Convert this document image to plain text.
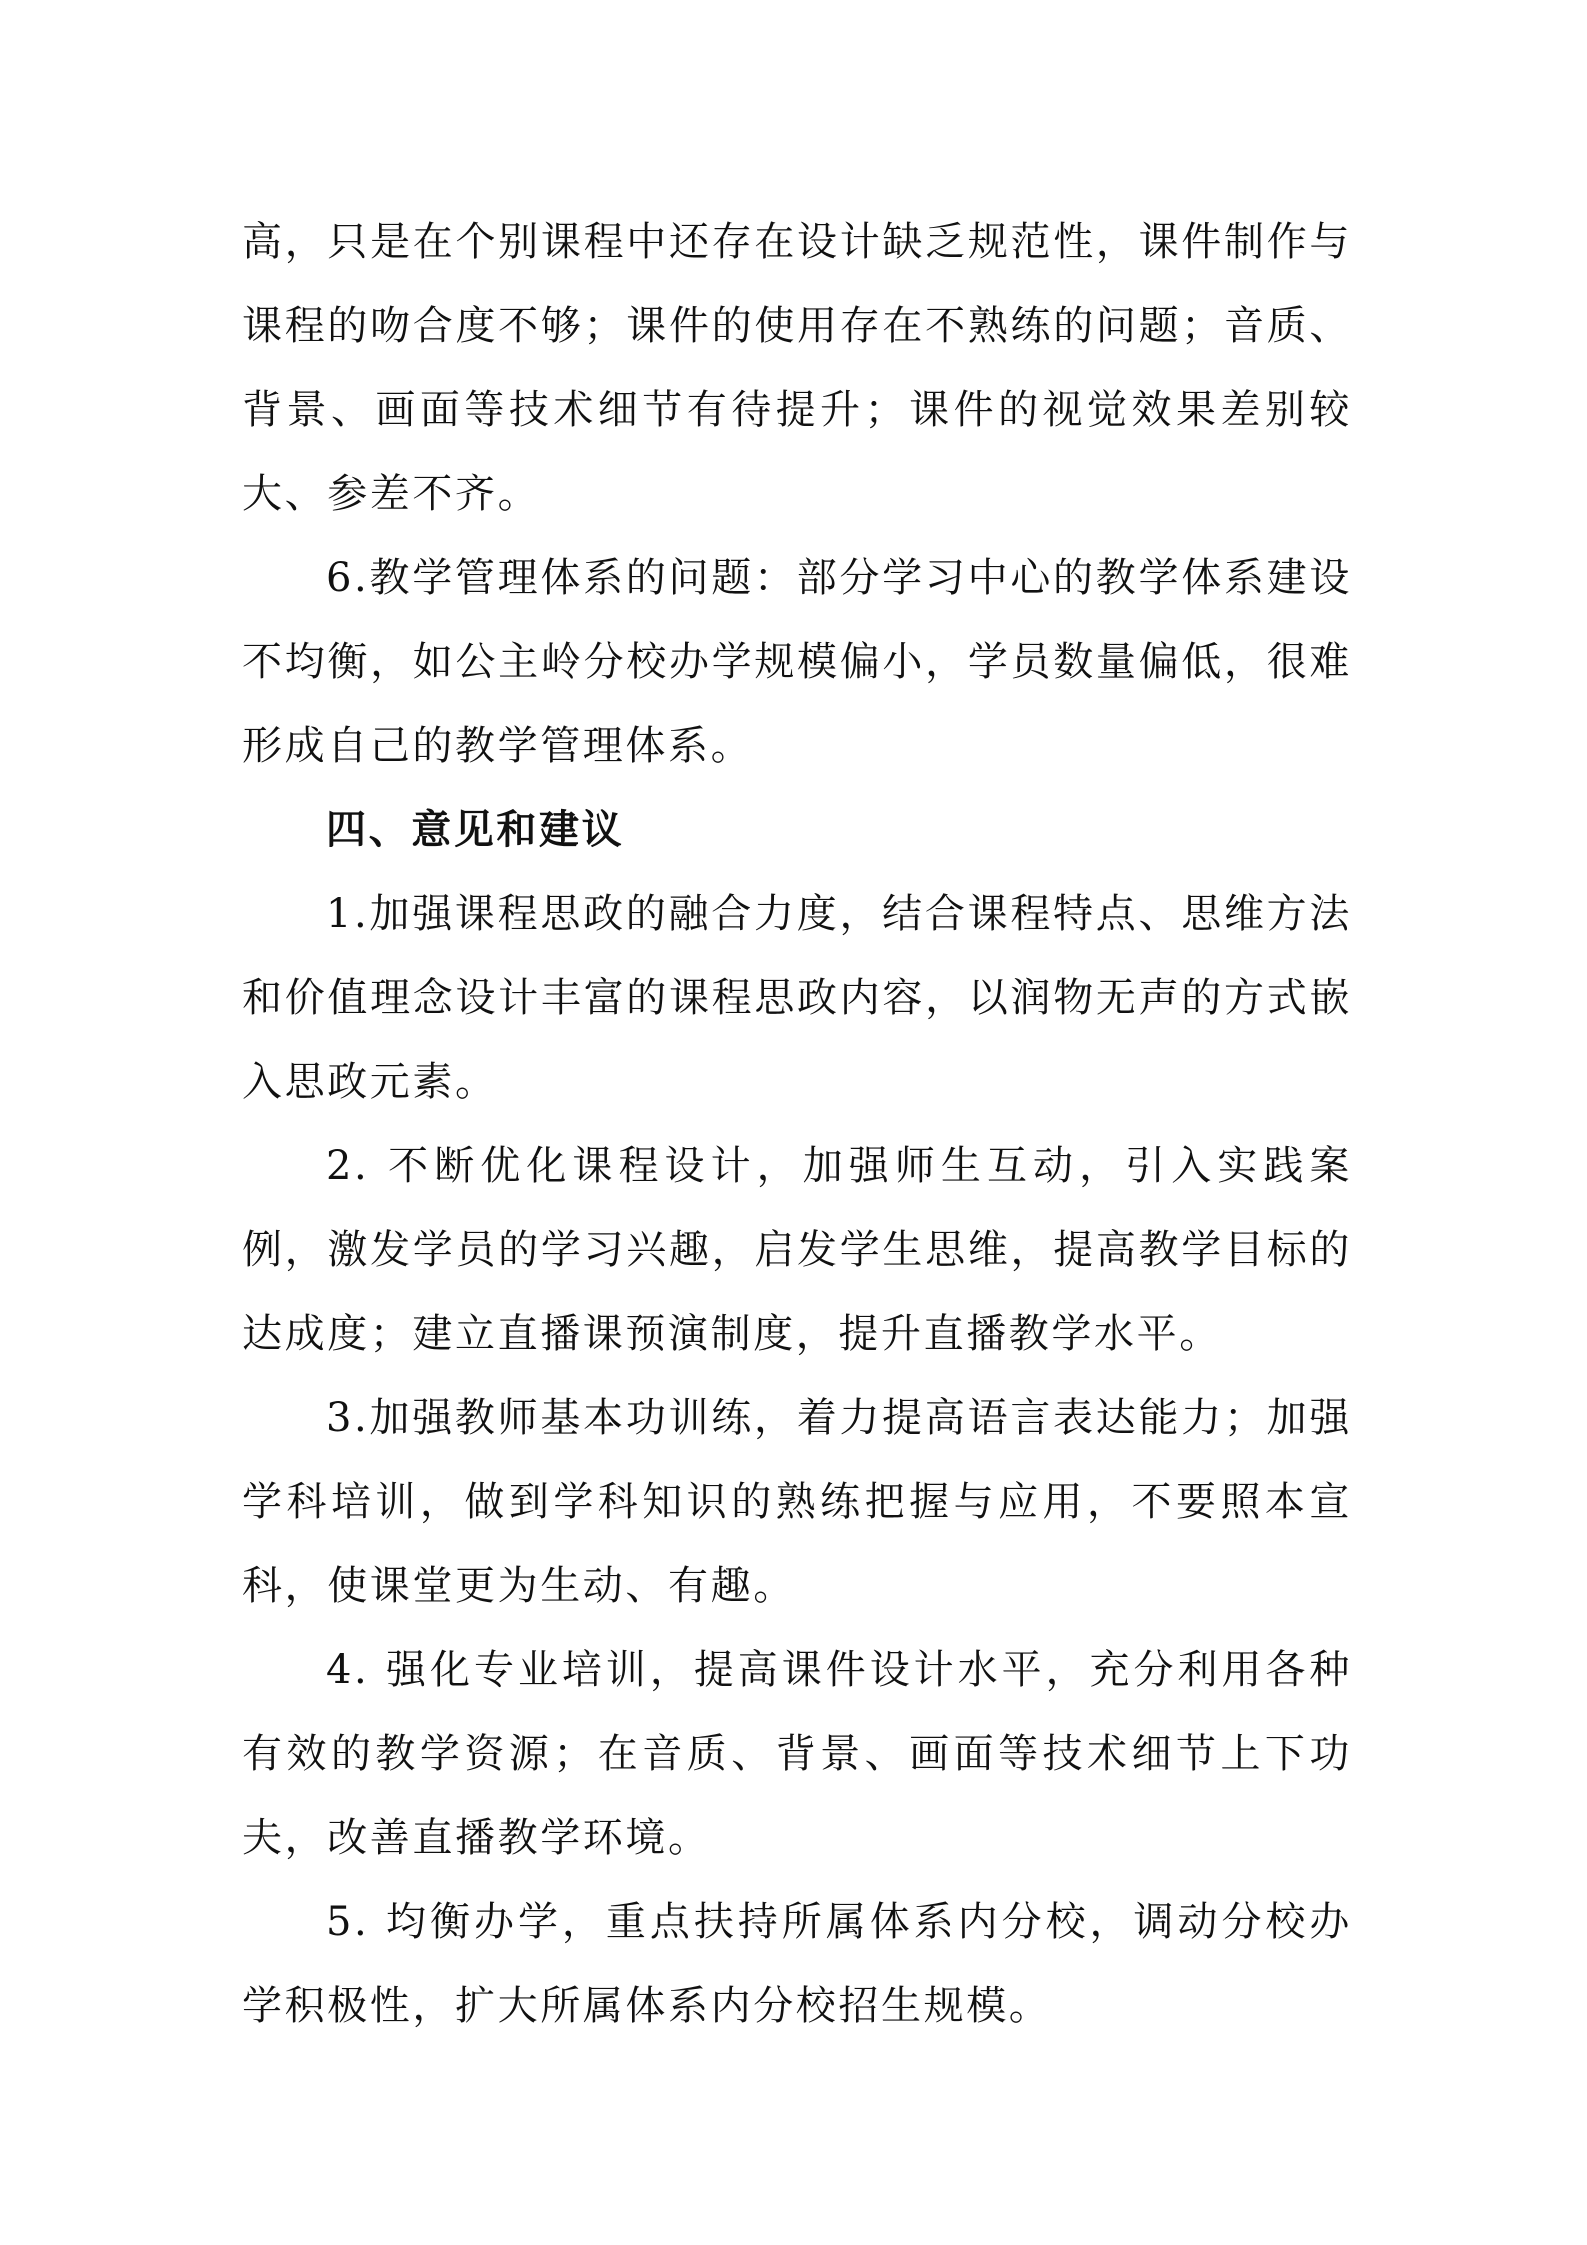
高，只是在个别课程中还存在设计缺乏规范性，课件制作与课程的吻合度不够；课件的使用存在不熟练的问题；音质、背景、画面等技术细节有待提升；课件的视觉效果差别较大、参差不齐。

6.教学管理体系的问题：部分学习中心的教学体系建设不均衡，如公主岭分校办学规模偏小，学员数量偏低，很难形成自己的教学管理体系。

四、意见和建议

1.加强课程思政的融合力度，结合课程特点、思维方法和价值理念设计丰富的课程思政内容，以润物无声的方式嵌入思政元素。

2. 不断优化课程设计，加强师生互动，引入实践案例，激发学员的学习兴趣，启发学生思维，提高教学目标的达成度；建立直播课预演制度，提升直播教学水平。

3.加强教师基本功训练，着力提高语言表达能力；加强学科培训，做到学科知识的熟练把握与应用，不要照本宣科，使课堂更为生动、有趣。

4. 强化专业培训，提高课件设计水平，充分利用各种有效的教学资源；在音质、背景、画面等技术细节上下功夫，改善直播教学环境。

5. 均衡办学，重点扶持所属体系内分校，调动分校办学积极性，扩大所属体系内分校招生规模。
